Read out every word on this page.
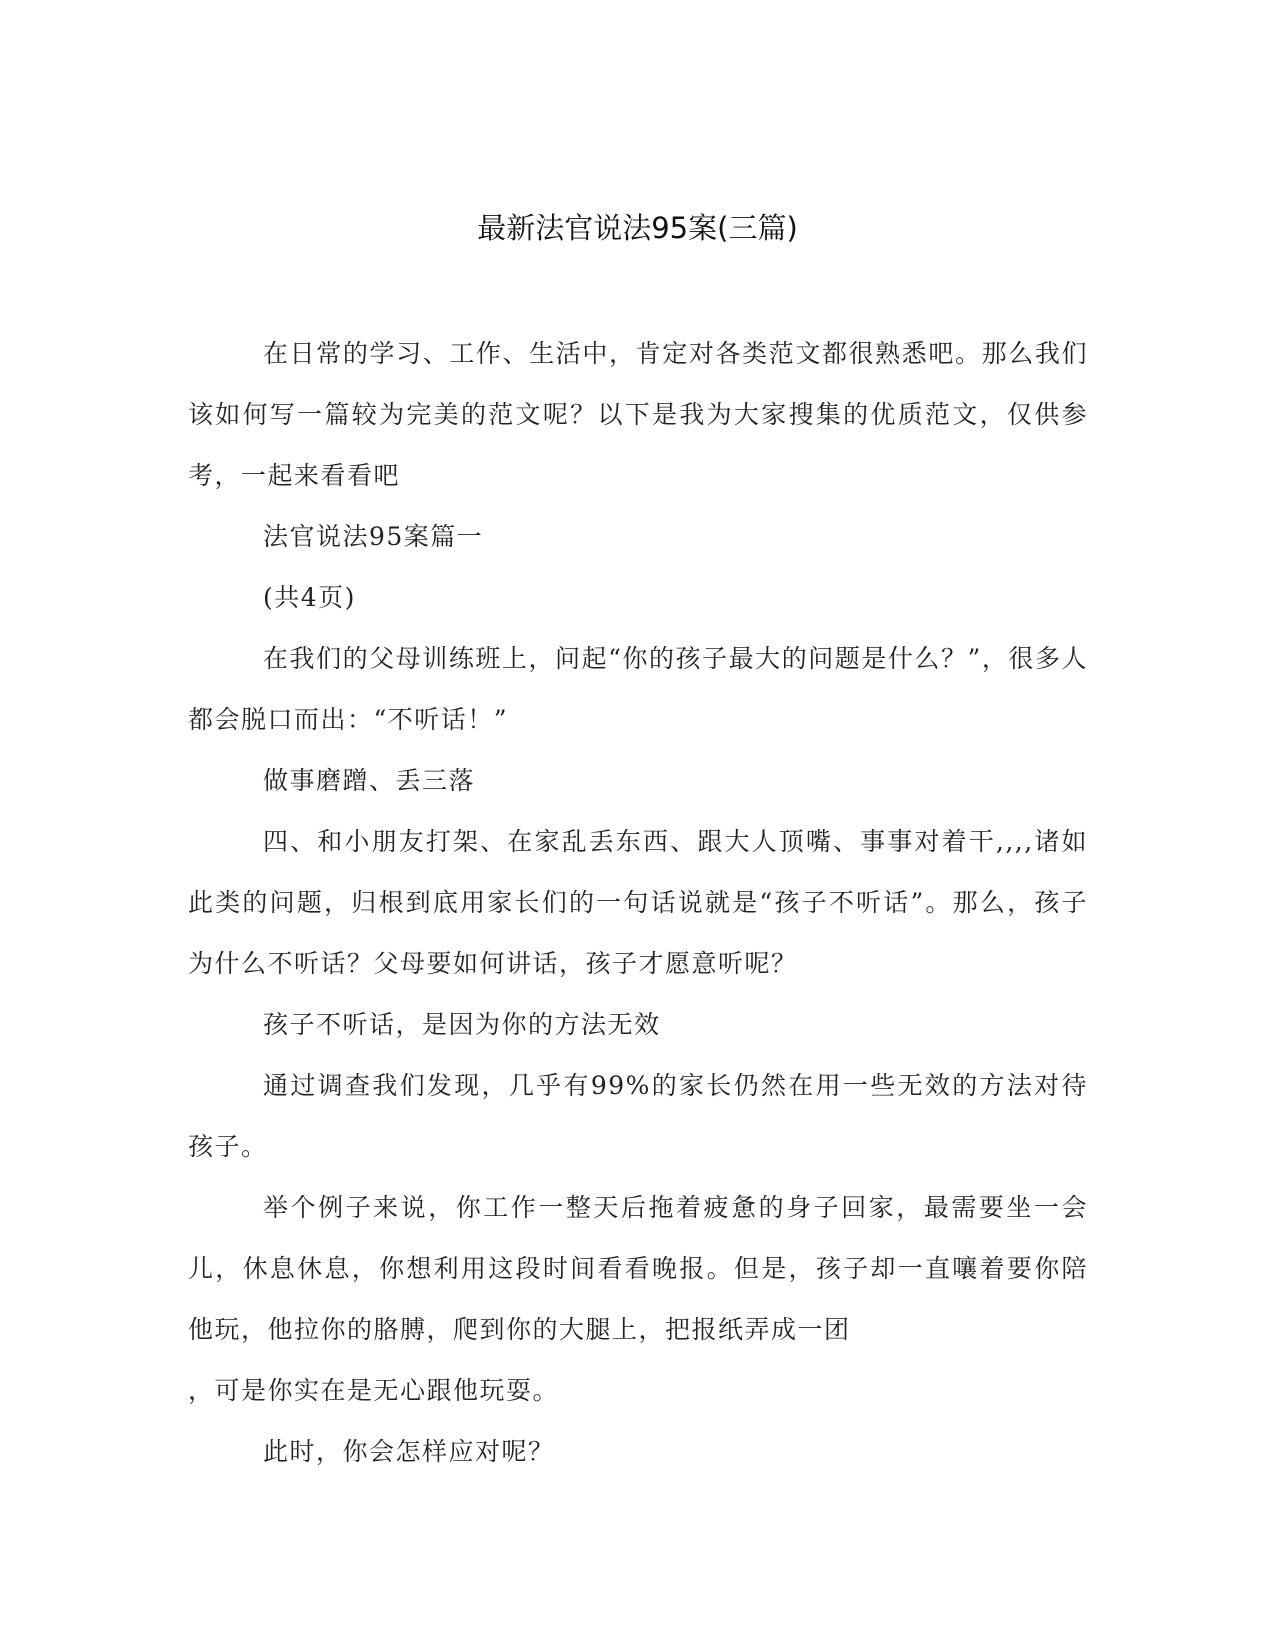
最新法官说法95案(三篇)

在日常的学习、工作、生活中，肯定对各类范文都很熟悉吧。那么我们该如何写一篇较为完美的范文呢？以下是我为大家搜集的优质范文，仅供参考，一起来看看吧

法官说法95案篇一

(共4页)

在我们的父母训练班上，问起“你的孩子最大的问题是什么？”，很多人都会脱口而出：“不听话！”

做事磨蹭、丢三落

四、和小朋友打架、在家乱丢东西、跟大人顶嘴、事事对着干,,,,诸如此类的问题，归根到底用家长们的一句话说就是“孩子不听话”。那么，孩子为什么不听话？父母要如何讲话，孩子才愿意听呢？

孩子不听话，是因为你的方法无效

通过调查我们发现，几乎有99%的家长仍然在用一些无效的方法对待孩子。

举个例子来说，你工作一整天后拖着疲惫的身子回家，最需要坐一会儿，休息休息，你想利用这段时间看看晚报。但是，孩子却一直嚷着要你陪他玩，他拉你的胳膊，爬到你的大腿上，把报纸弄成一团

，可是你实在是无心跟他玩耍。

此时，你会怎样应对呢？
